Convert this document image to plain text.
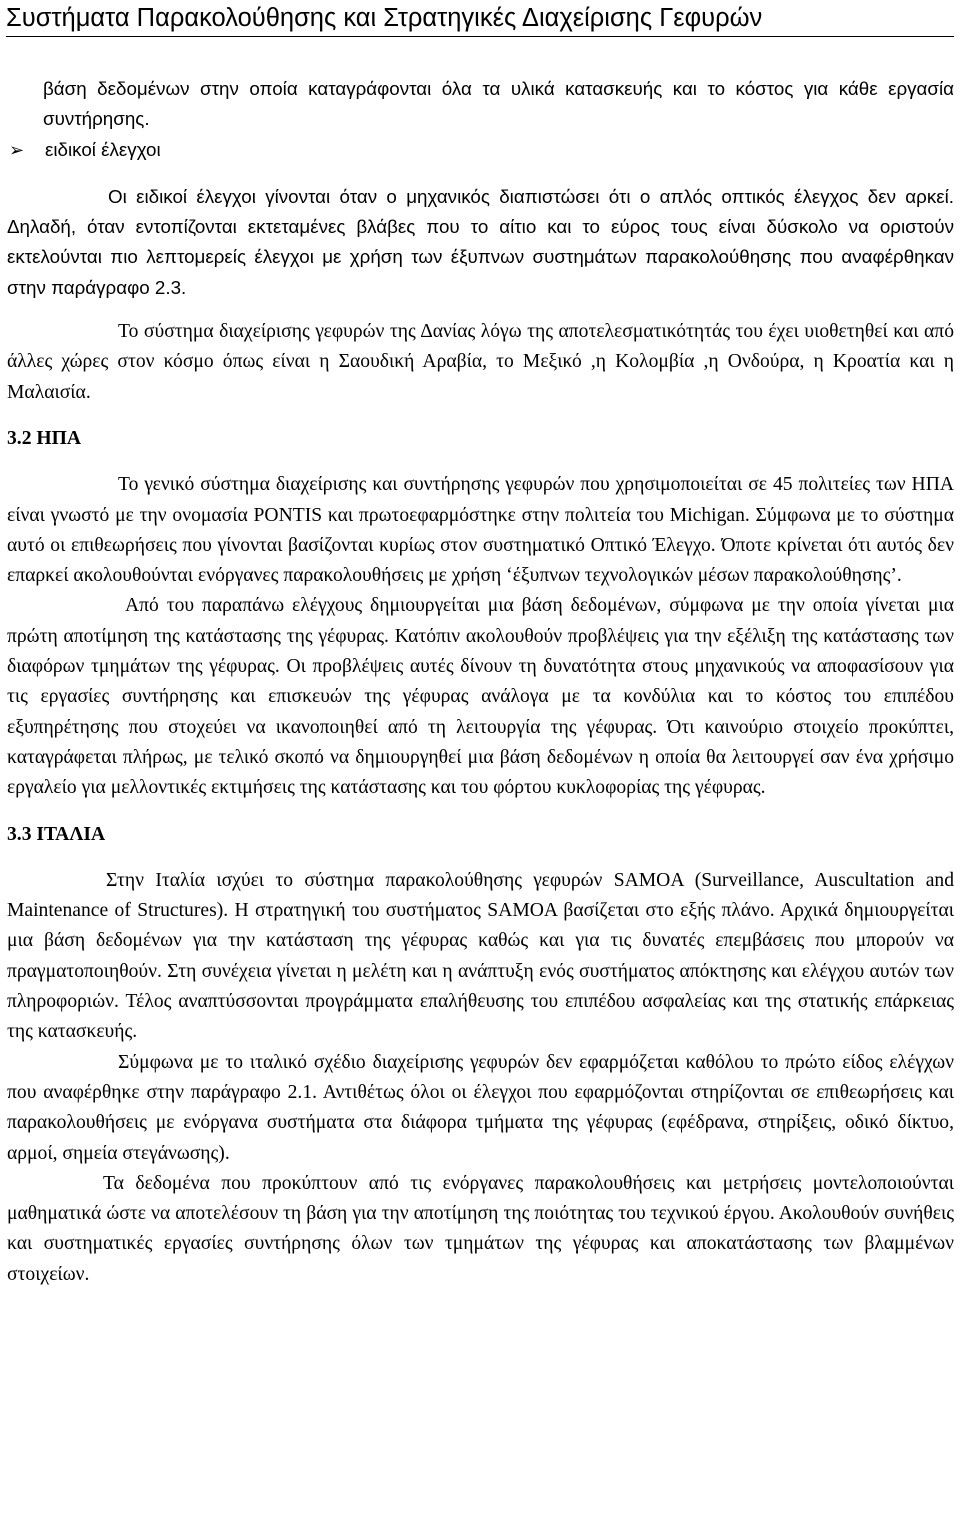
Συστήματα Παρακολούθησης και Στρατηγικές Διαχείρισης Γεφυρών

βάση δεδομένων στην οποία καταγράφονται όλα τα υλικά κατασκευής και το κόστος για κάθε εργασία συντήρησης.

➢	ειδικοί έλεγχοι

Οι ειδικοί έλεγχοι γίνονται όταν ο μηχανικός διαπιστώσει ότι ο απλός οπτικός έλεγχος δεν αρκεί. Δηλαδή, όταν εντοπίζονται εκτεταμένες βλάβες που το αίτιο και το εύρος τους είναι δύσκολο να οριστούν εκτελούνται πιο λεπτομερείς έλεγχοι με χρήση των έξυπνων συστημάτων παρακολούθησης που αναφέρθηκαν στην παράγραφο 2.3.

Το σύστημα διαχείρισης γεφυρών της Δανίας λόγω της αποτελεσματικότητάς του έχει υιοθετηθεί και από άλλες χώρες στον κόσμο όπως είναι η Σαουδική Αραβία, το Μεξικό ,η Κολομβία ,η Ονδούρα, η Κροατία και η Μαλαισία.

3.2 ΗΠΑ

Το γενικό σύστημα διαχείρισης και συντήρησης γεφυρών που χρησιμοποιείται σε 45 πολιτείες των ΗΠΑ είναι γνωστό με την ονομασία PONTIS και πρωτοεφαρμόστηκε στην πολιτεία του Michigan. Σύμφωνα με το σύστημα αυτό οι επιθεωρήσεις που γίνονται βασίζονται κυρίως στον συστηματικό Οπτικό Έλεγχο. Όποτε κρίνεται ότι αυτός δεν επαρκεί ακολουθούνται ενόργανες παρακολουθήσεις με χρήση ‘έξυπνων τεχνολογικών μέσων παρακολούθησης’.

Από του παραπάνω ελέγχους δημιουργείται μια βάση δεδομένων, σύμφωνα με την οποία γίνεται μια πρώτη αποτίμηση της κατάστασης της γέφυρας. Κατόπιν ακολουθούν προβλέψεις για την εξέλιξη της κατάστασης των διαφόρων τμημάτων της γέφυρας. Οι προβλέψεις αυτές δίνουν τη δυνατότητα στους μηχανικούς να αποφασίσουν για τις εργασίες συντήρησης και επισκευών της γέφυρας ανάλογα με τα κονδύλια και το κόστος του επιπέδου εξυπηρέτησης που στοχεύει να ικανοποιηθεί από τη λειτουργία της γέφυρας. Ότι καινούριο στοιχείο προκύπτει, καταγράφεται πλήρως, με τελικό σκοπό να δημιουργηθεί μια βάση δεδομένων η οποία θα λειτουργεί σαν ένα χρήσιμο εργαλείο για μελλοντικές εκτιμήσεις της κατάστασης και του φόρτου κυκλοφορίας της γέφυρας.

3.3 ΙΤΑΛΙΑ

Στην Ιταλία ισχύει το σύστημα παρακολούθησης γεφυρών SAMOA (Surveillance, Auscultation and Maintenance of Structures). Η στρατηγική του συστήματος SAMOA βασίζεται στο εξής πλάνο. Αρχικά δημιουργείται μια βάση δεδομένων για την κατάσταση της γέφυρας καθώς και για τις δυνατές επεμβάσεις που μπορούν να πραγματοποιηθούν. Στη συνέχεια γίνεται η μελέτη και η ανάπτυξη ενός συστήματος απόκτησης και ελέγχου αυτών των πληροφοριών. Τέλος αναπτύσσονται προγράμματα επαλήθευσης του επιπέδου ασφαλείας και της στατικής επάρκειας της κατασκευής.

Σύμφωνα με το ιταλικό σχέδιο διαχείρισης γεφυρών δεν εφαρμόζεται καθόλου το πρώτο είδος ελέγχων που αναφέρθηκε στην παράγραφο 2.1. Αντιθέτως όλοι οι έλεγχοι που εφαρμόζονται στηρίζονται σε επιθεωρήσεις και παρακολουθήσεις με ενόργανα συστήματα στα διάφορα τμήματα της γέφυρας (εφέδρανα, στηρίξεις, οδικό δίκτυο, αρμοί, σημεία στεγάνωσης).

Τα δεδομένα που προκύπτουν από τις ενόργανες παρακολουθήσεις και μετρήσεις μοντελοποιούνται μαθηματικά ώστε να αποτελέσουν τη βάση για την αποτίμηση της ποιότητας του τεχνικού έργου. Ακολουθούν συνήθεις και συστηματικές εργασίες συντήρησης όλων των τμημάτων της γέφυρας και αποκατάστασης των βλαμμένων στοιχείων.
